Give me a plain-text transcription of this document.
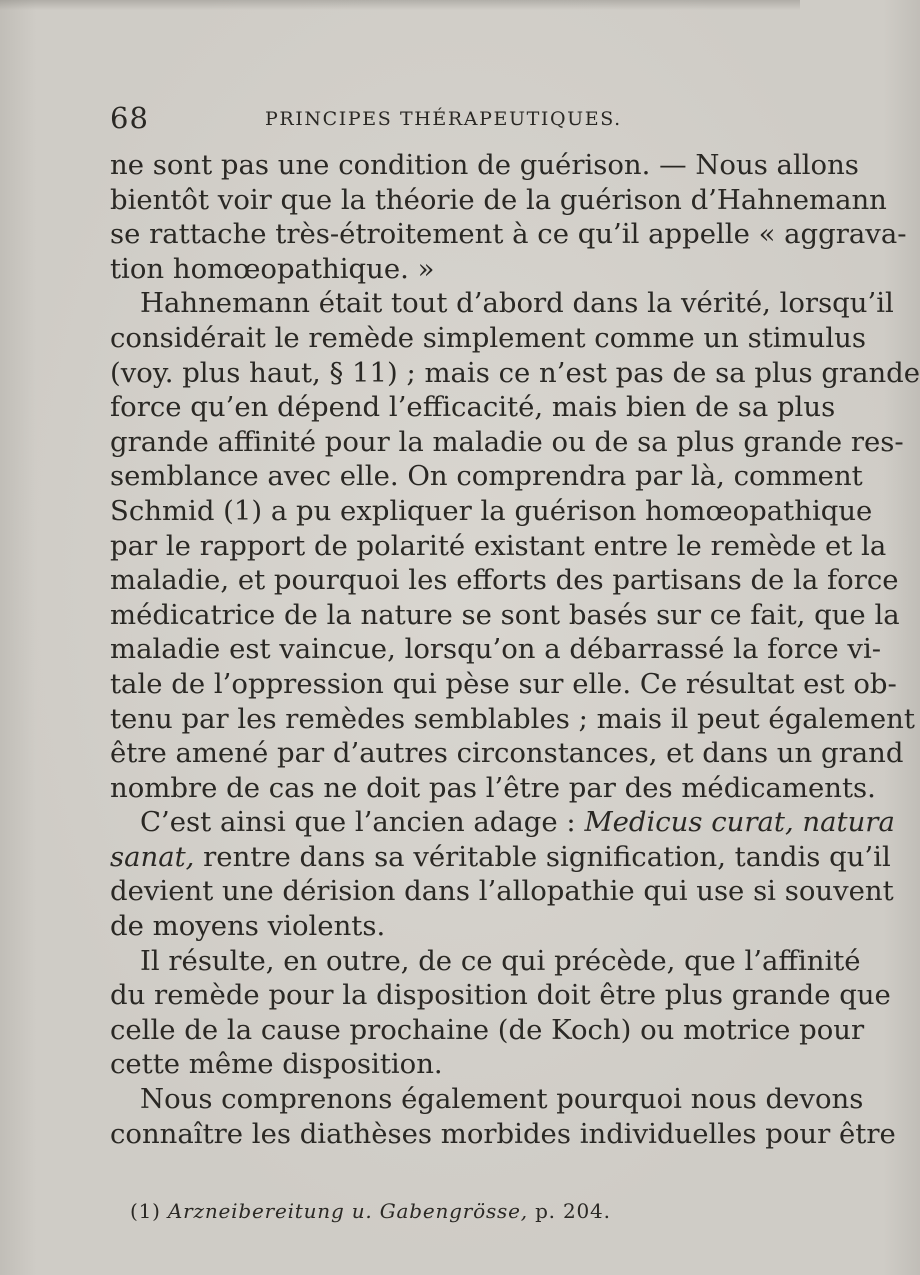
68	PRINCIPES THÉRAPEUTIQUES.
ne sont pas une condition de guérison. — Nous allons
bientôt voir que la théorie de la guérison d’Hahnemann
se rattache très-étroitement à ce qu’il appelle « aggrava-
tion homœopathique. »
Hahnemann était tout d’abord dans la vérité, lorsqu’il
considérait le remède simplement comme un stimulus
(voy. plus haut, § 11) ; mais ce n’est pas de sa plus grande
force qu’en dépend l’efficacité, mais bien de sa plus
grande affinité pour la maladie ou de sa plus grande res-
semblance avec elle. On comprendra par là, comment
Schmid (1) a pu expliquer la guérison homœopathique
par le rapport de polarité existant entre le remède et la
maladie, et pourquoi les efforts des partisans de la force
médicatrice de la nature se sont basés sur ce fait, que la
maladie est vaincue, lorsqu’on a débarrassé la force vi-
tale de l’oppression qui pèse sur elle. Ce résultat est ob-
tenu par les remèdes semblables ; mais il peut également
être amené par d’autres circonstances, et dans un grand
nombre de cas ne doit pas l’être par des médicaments.
C’est ainsi que l’ancien adage : Medicus curat, natura
sanat, rentre dans sa véritable signification, tandis qu’il
devient une dérision dans l’allopathie qui use si souvent
de moyens violents.
Il résulte, en outre, de ce qui précède, que l’affinité
du remède pour la disposition doit être plus grande que
celle de la cause prochaine (de Koch) ou motrice pour
cette même disposition.
Nous comprenons également pourquoi nous devons
connaître les diathèses morbides individuelles pour être
(1) Arzneibereitung u. Gabengrösse, p. 204.
